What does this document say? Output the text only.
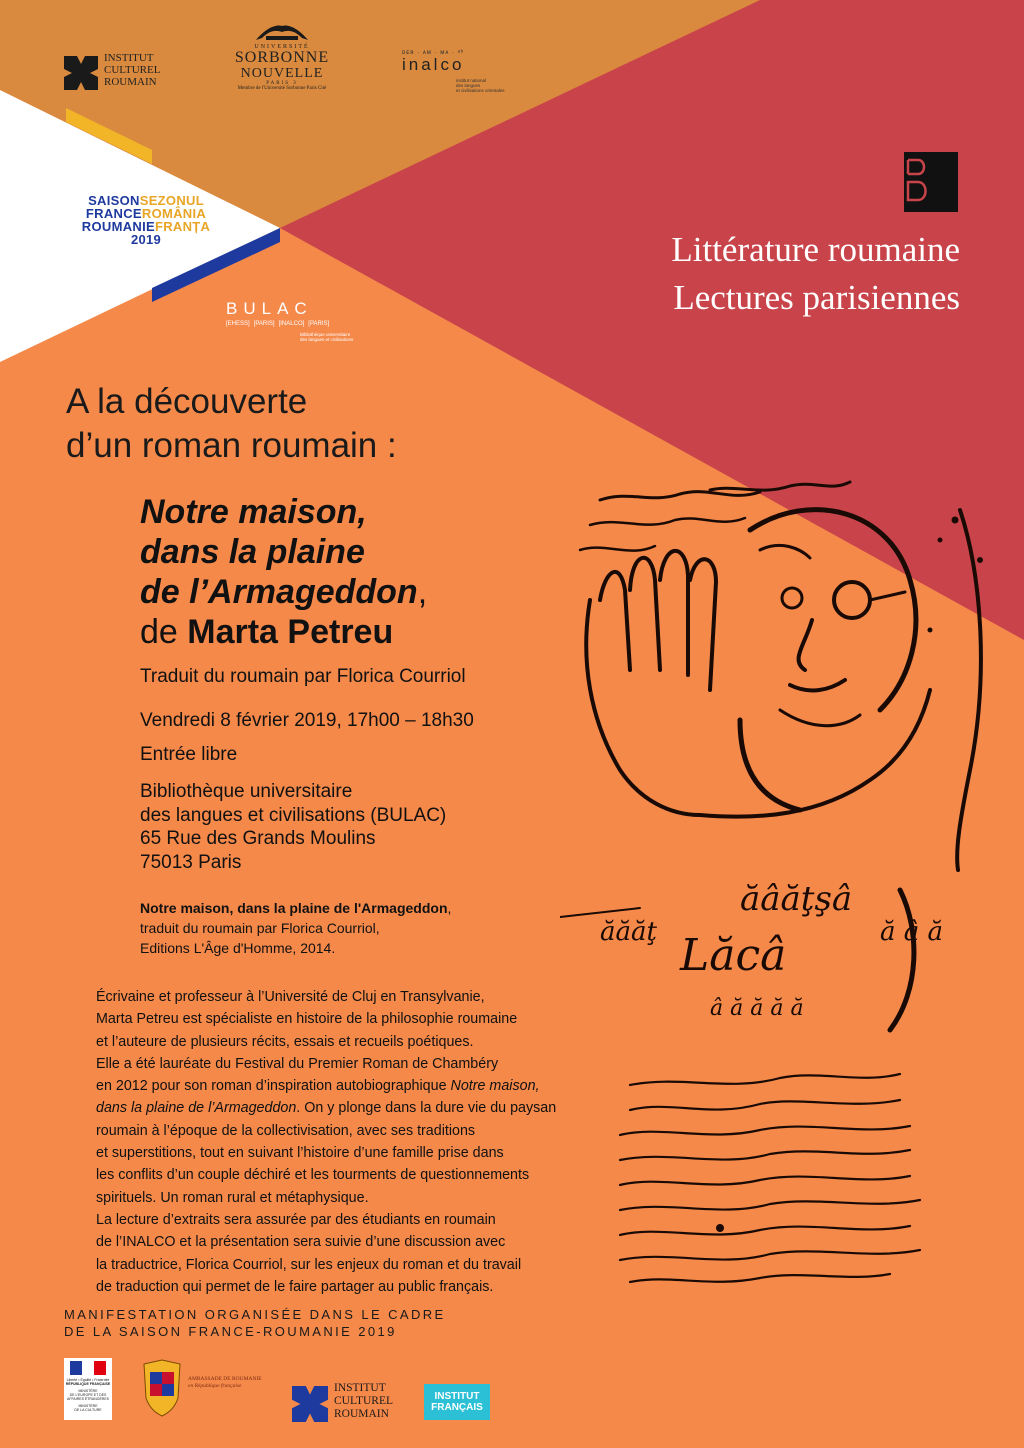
INSTITUT
CULTUREL
ROUMAIN
UNIVERSITÉ
SORBONNE
NOUVELLE
PARIS 3
Membre de l'Université Sorbonne Paris Cité
ᴅᴇʀ · ᴀᴍ · ᴍᴀ · ᵃᵇ
inalco
institut national
des langues
et civilisations orientales
SAISON SEZONUL
FRANCE ROMÂNIA
ROUMANIE FRANȚA
2019
BULAC
[EHESS] [PARIS] [INALCO] [PARIS]
Bibliothèque universitaire
des langues et civilisations
Littérature roumaine
Lectures parisiennes
A la découverte
d’un roman roumain :
Notre maison,
dans la plaine
de l’Armageddon,
de Marta Petreu
Traduit du roumain par Florica Courriol
Vendredi 8 février 2019, 17h00 – 18h30
Entrée libre
Bibliothèque universitaire
des langues et civilisations (BULAC)
65 Rue des Grands Moulins
75013 Paris
Notre maison, dans la plaine de l'Armageddon,
traduit du roumain par Florica Courriol,
Editions L'Âge d'Homme, 2014.
Écrivaine et professeur à l’Université de Cluj en Transylvanie,
Marta Petreu est spécialiste en histoire de la philosophie roumaine
et l’auteure de plusieurs récits, essais et recueils poétiques.
Elle a été lauréate du Festival du Premier Roman de Chambéry
en 2012 pour son roman d’inspiration autobiographique Notre maison,
dans la plaine de l’Armageddon. On y plonge dans la dure vie du paysan
roumain à l’époque de la collectivisation, avec ses traditions
et superstitions, tout en suivant l’histoire d’une famille prise dans
les conflits d’un couple déchiré et les tourments de questionnements
spirituels. Un roman rural et métaphysique.
La lecture d’extraits sera assurée par des étudiants en roumain
de l’INALCO et la présentation sera suivie d’une discussion avec
la traductrice, Florica Courriol, sur les enjeux du roman et du travail
de traduction qui permet de le faire partager au public français.
MANIFESTATION ORGANISÉE DANS LE CADRE
DE LA SAISON FRANCE-ROUMANIE 2019
ăâăţşâ
ăăăţ Lăcâ
â ă ă ă ă
ă â ă
Liberté • Égalité • Fraternité
RÉPUBLIQUE FRANÇAISE
MINISTÈRE
DE L'EUROPE ET DES
AFFAIRES ÉTRANGÈRES
MINISTÈRE
DE LA CULTURE
AMBASSADE DE ROUMANIE
en République française	INSTITUT
CULTUREL
ROUMAIN
INSTITUT
FRANÇAIS
